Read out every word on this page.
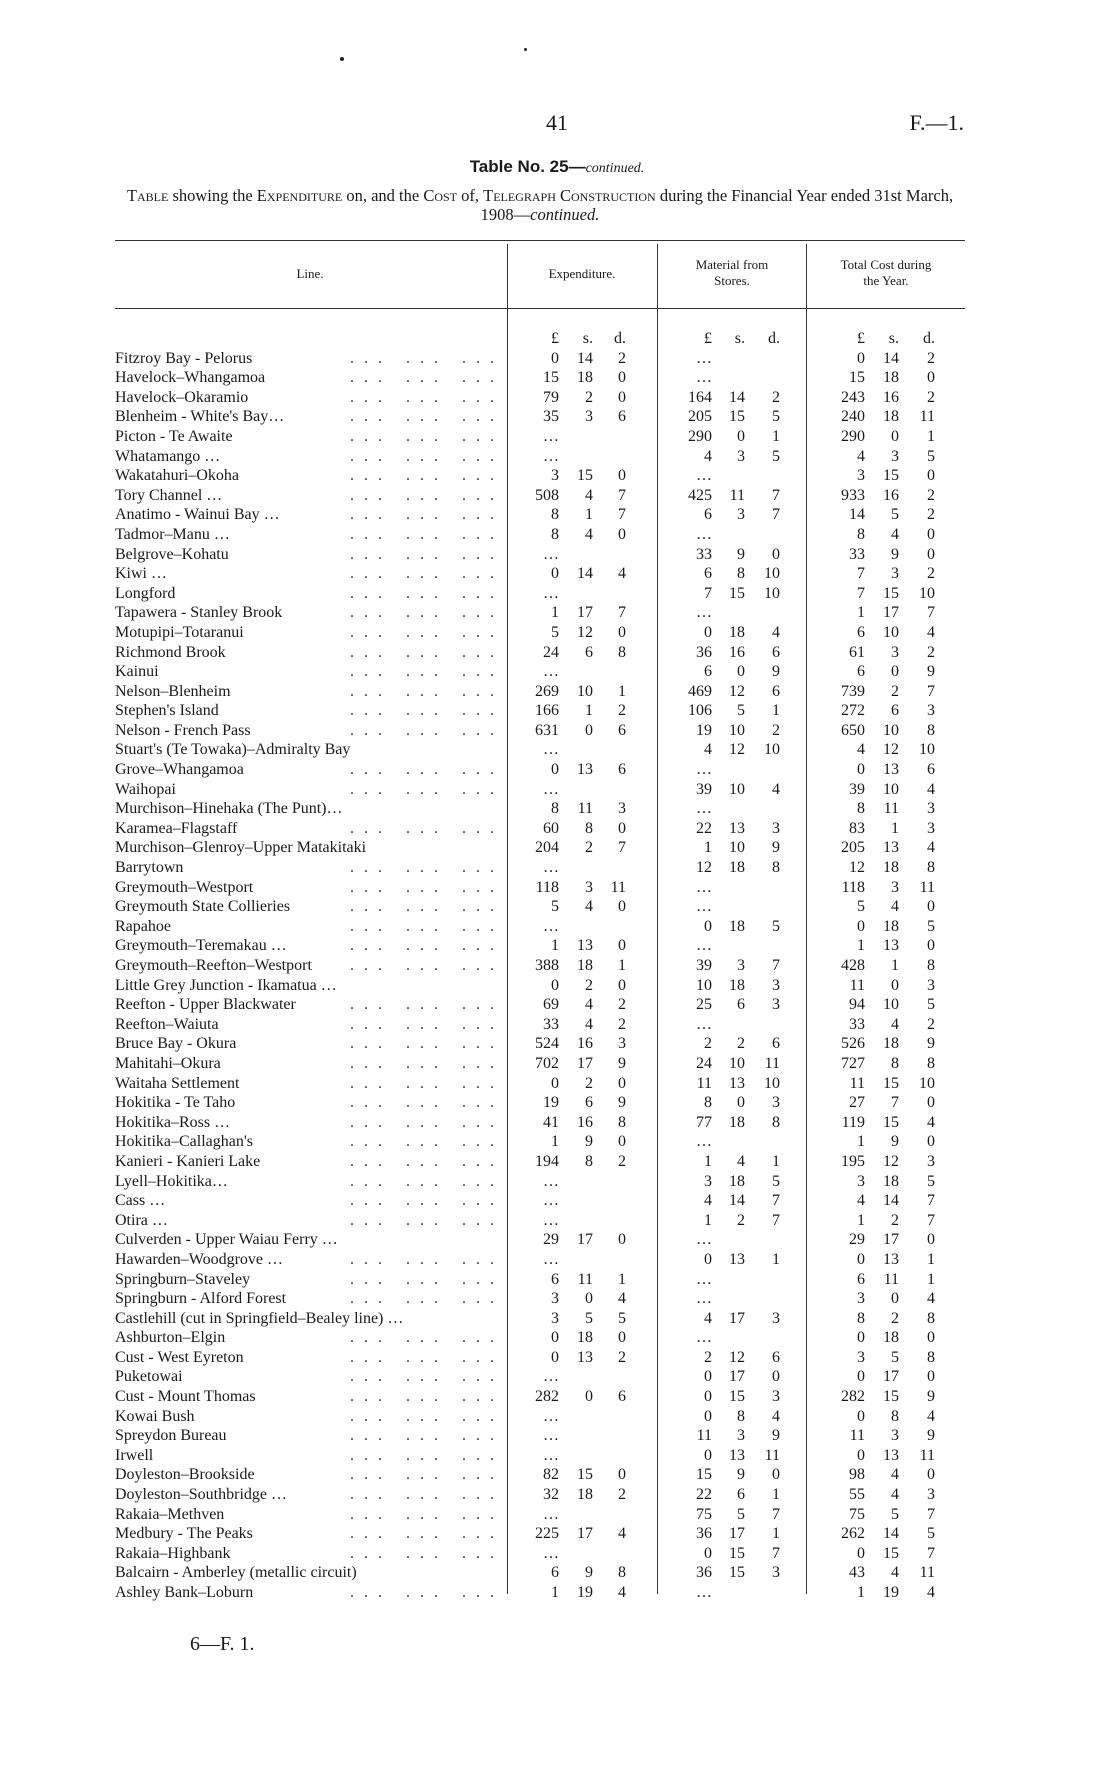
41	F.—1.
Table No. 25—continued.
Table showing the Expenditure on, and the Cost of, Telegraph Construction during the Financial Year ended 31st March, 1908—continued.
Line.	Expenditure.
Material from
Stores.
Total Cost during
the Year.
£	s.	d.	£	s.	d.	£	s.	d.
Fitzroy Bay - Pelorus	... ... ...	0	14	2	…	0	14	2
Havelock–Whangamoa	... ... ...	15	18	0	…	15	18	0
Havelock–Okaramio	... ... ...	79	2	0	164	14	2	243	16	2
Blenheim - White's Bay…	... ... ...	35	3	6	205	15	5	240	18	11
Picton - Te Awaite	... ... ...	…	290	0	1	290	0	1
Whatamango …	... ... ...	…	4	3	5	4	3	5
Wakatahuri–Okoha	... ... ...	3	15	0	…	3	15	0
Tory Channel …	... ... ...	508	4	7	425	11	7	933	16	2
Anatimo - Wainui Bay …	... ... ...	8	1	7	6	3	7	14	5	2
Tadmor–Manu …	... ... ...	8	4	0	…	8	4	0
Belgrove–Kohatu	... ... ...	…	33	9	0	33	9	0
Kiwi …	... ... ...	0	14	4	6	8	10	7	3	2
Longford	... ... ...	…	7	15	10	7	15	10
Tapawera - Stanley Brook	... ... ...	1	17	7	…	1	17	7
Motupipi–Totaranui	... ... ...	5	12	0	0	18	4	6	10	4
Richmond Brook	... ... ...	24	6	8	36	16	6	61	3	2
Kainui	... ... ...	…	6	0	9	6	0	9
Nelson–Blenheim	... ... ...	269	10	1	469	12	6	739	2	7
Stephen's Island	... ... ...	166	1	2	106	5	1	272	6	3
Nelson - French Pass	... ... ...	631	0	6	19	10	2	650	10	8
Stuart's (Te Towaka)–Admiralty Bay	…	4	12	10	4	12	10
Grove–Whangamoa	... ... ...	0	13	6	…	0	13	6
Waihopai	... ... ...	…	39	10	4	39	10	4
Murchison–Hinehaka (The Punt)…	8	11	3	…	8	11	3
Karamea–Flagstaff	... ... ...	60	8	0	22	13	3	83	1	3
Murchison–Glenroy–Upper Matakitaki	204	2	7	1	10	9	205	13	4
Barrytown	... ... ...	…	12	18	8	12	18	8
Greymouth–Westport	... ... ...	118	3	11	…	118	3	11
Greymouth State Collieries	... ... ...	5	4	0	…	5	4	0
Rapahoe	... ... ...	…	0	18	5	0	18	5
Greymouth–Teremakau …	... ... ...	1	13	0	…	1	13	0
Greymouth–Reefton–Westport ... ... ...	388	18	1	39	3	7	428	1	8
Little Grey Junction - Ikamatua …	0	2	0	10	18	3	11	0	3
Reefton - Upper Blackwater	... ... ...	69	4	2	25	6	3	94	10	5
Reefton–Waiuta	... ... ...	33	4	2	…	33	4	2
Bruce Bay - Okura	... ... ...	524	16	3	2	2	6	526	18	9
Mahitahi–Okura	... ... ...	702	17	9	24	10	11	727	8	8
Waitaha Settlement	... ... ...	0	2	0	11	13	10	11	15	10
Hokitika - Te Taho	... ... ...	19	6	9	8	0	3	27	7	0
Hokitika–Ross …	... ... ...	41	16	8	77	18	8	119	15	4
Hokitika–Callaghan's	... ... ...	1	9	0	…	1	9	0
Kanieri - Kanieri Lake	... ... ...	194	8	2	1	4	1	195	12	3
Lyell–Hokitika…	... ... ...	…	3	18	5	3	18	5
Cass …	... ... ...	…	4	14	7	4	14	7
Otira …	... ... ...	…	1	2	7	1	2	7
Culverden - Upper Waiau Ferry …	29	17	0	…	29	17	0
Hawarden–Woodgrove …	... ... ...	…	0	13	1	0	13	1
Springburn–Staveley	... ... ...	6	11	1	…	6	11	1
Springburn - Alford Forest	... ... ...	3	0	4	…	3	0	4
Castlehill (cut in Springfield–Bealey line) …	3	5	5	4	17	3	8	2	8
Ashburton–Elgin	... ... ...	0	18	0	…	0	18	0
Cust - West Eyreton	... ... ...	0	13	2	2	12	6	3	5	8
Puketowai	... ... ...	…	0	17	0	0	17	0
Cust - Mount Thomas	... ... ...	282	0	6	0	15	3	282	15	9
Kowai Bush	... ... ...	…	0	8	4	0	8	4
Spreydon Bureau	... ... ...	…	11	3	9	11	3	9
Irwell	... ... ...	…	0	13	11	0	13	11
Doyleston–Brookside	... ... ...	82	15	0	15	9	0	98	4	0
Doyleston–Southbridge …	... ... ...	32	18	2	22	6	1	55	4	3
Rakaia–Methven	... ... ...	…	75	5	7	75	5	7
Medbury - The Peaks	... ... ...	225	17	4	36	17	1	262	14	5
Rakaia–Highbank	... ... ...	…	0	15	7	0	15	7
Balcairn - Amberley (metallic circuit)	6	9	8	36	15	3	43	4	11
Ashley Bank–Loburn	... ... ...	1	19	4	…	1	19	4
6—F. 1.
